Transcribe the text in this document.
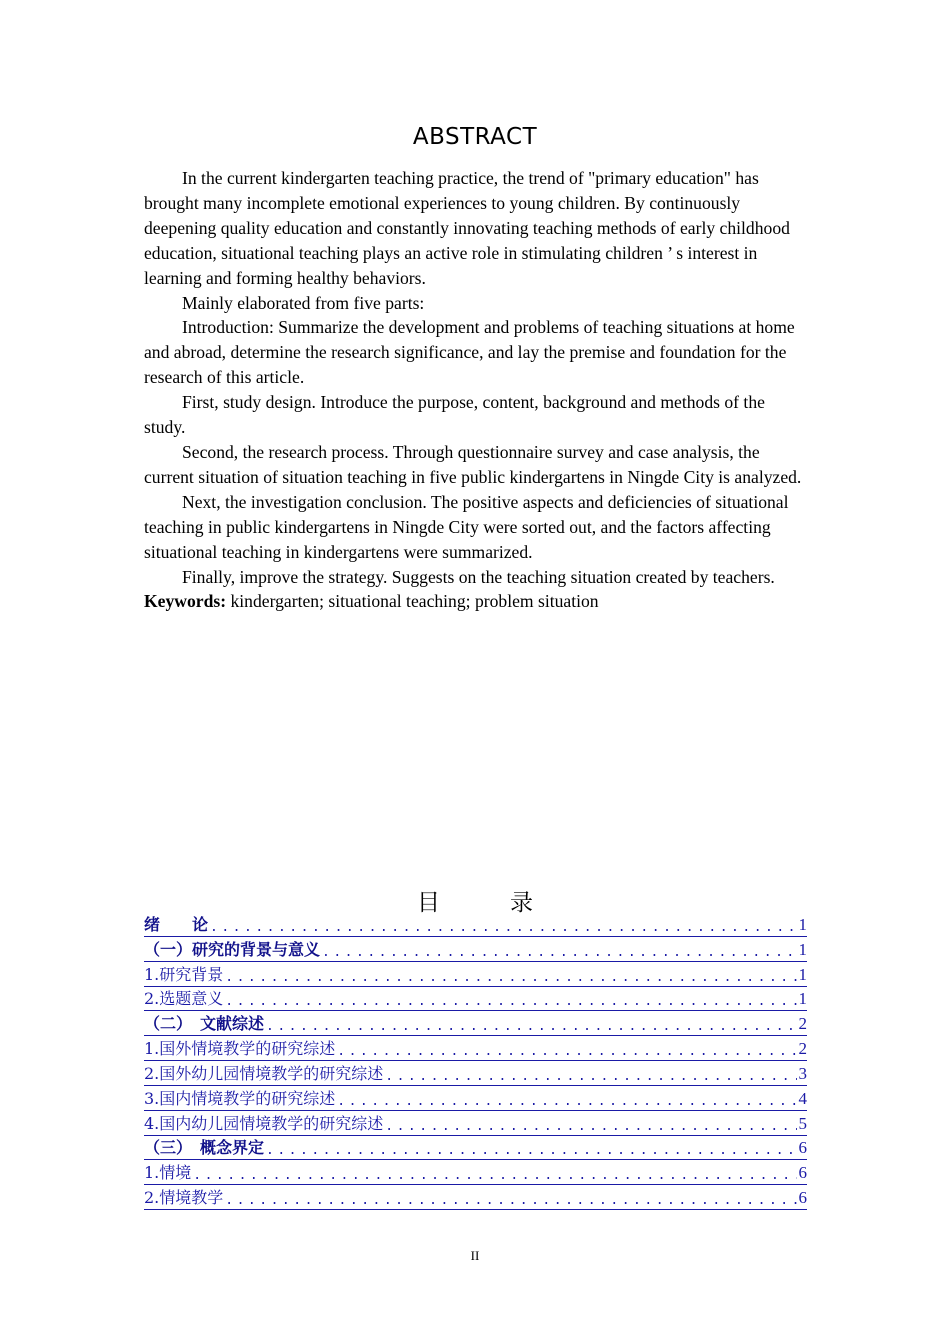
ABSTRACT

In the current kindergarten teaching practice, the trend of "primary education" has brought many incomplete emotional experiences to young children. By continuously deepening quality education and constantly innovating teaching methods of early childhood education, situational teaching plays an active role in stimulating children ’ s interest in learning and forming healthy behaviors.

Mainly elaborated from five parts:

Introduction: Summarize the development and problems of teaching situations at home and abroad, determine the research significance, and lay the premise and foundation for the research of this article.

First, study design. Introduce the purpose, content, background and methods of the study.

Second, the research process. Through questionnaire survey and case analysis, the current situation of situation teaching in five public kindergartens in Ningde City is analyzed.

Next, the investigation conclusion. The positive aspects and deficiencies of situational teaching in public kindergartens in Ningde City were sorted out, and the factors affecting situational teaching in kindergartens were summarized.

Finally, improve the strategy. Suggests on the teaching situation created by teachers.

Keywords: kindergarten; situational teaching; problem situation

目	录
绪　　论 .....	1
（一）研究的背景与意义 .....	1
1.研究背景 .....	1
2.选题意义 .....	1
（二）　文献综述 .....	2
1.国外情境教学的研究综述 .....	2
2.国外幼儿园情境教学的研究综述 .....	3
3.国内情境教学的研究综述 .....	4
4.国内幼儿园情境教学的研究综述 .....	5
（三）　概念界定 .....	6
1.情境 .....	6
2.情境教学 .....	6
II
